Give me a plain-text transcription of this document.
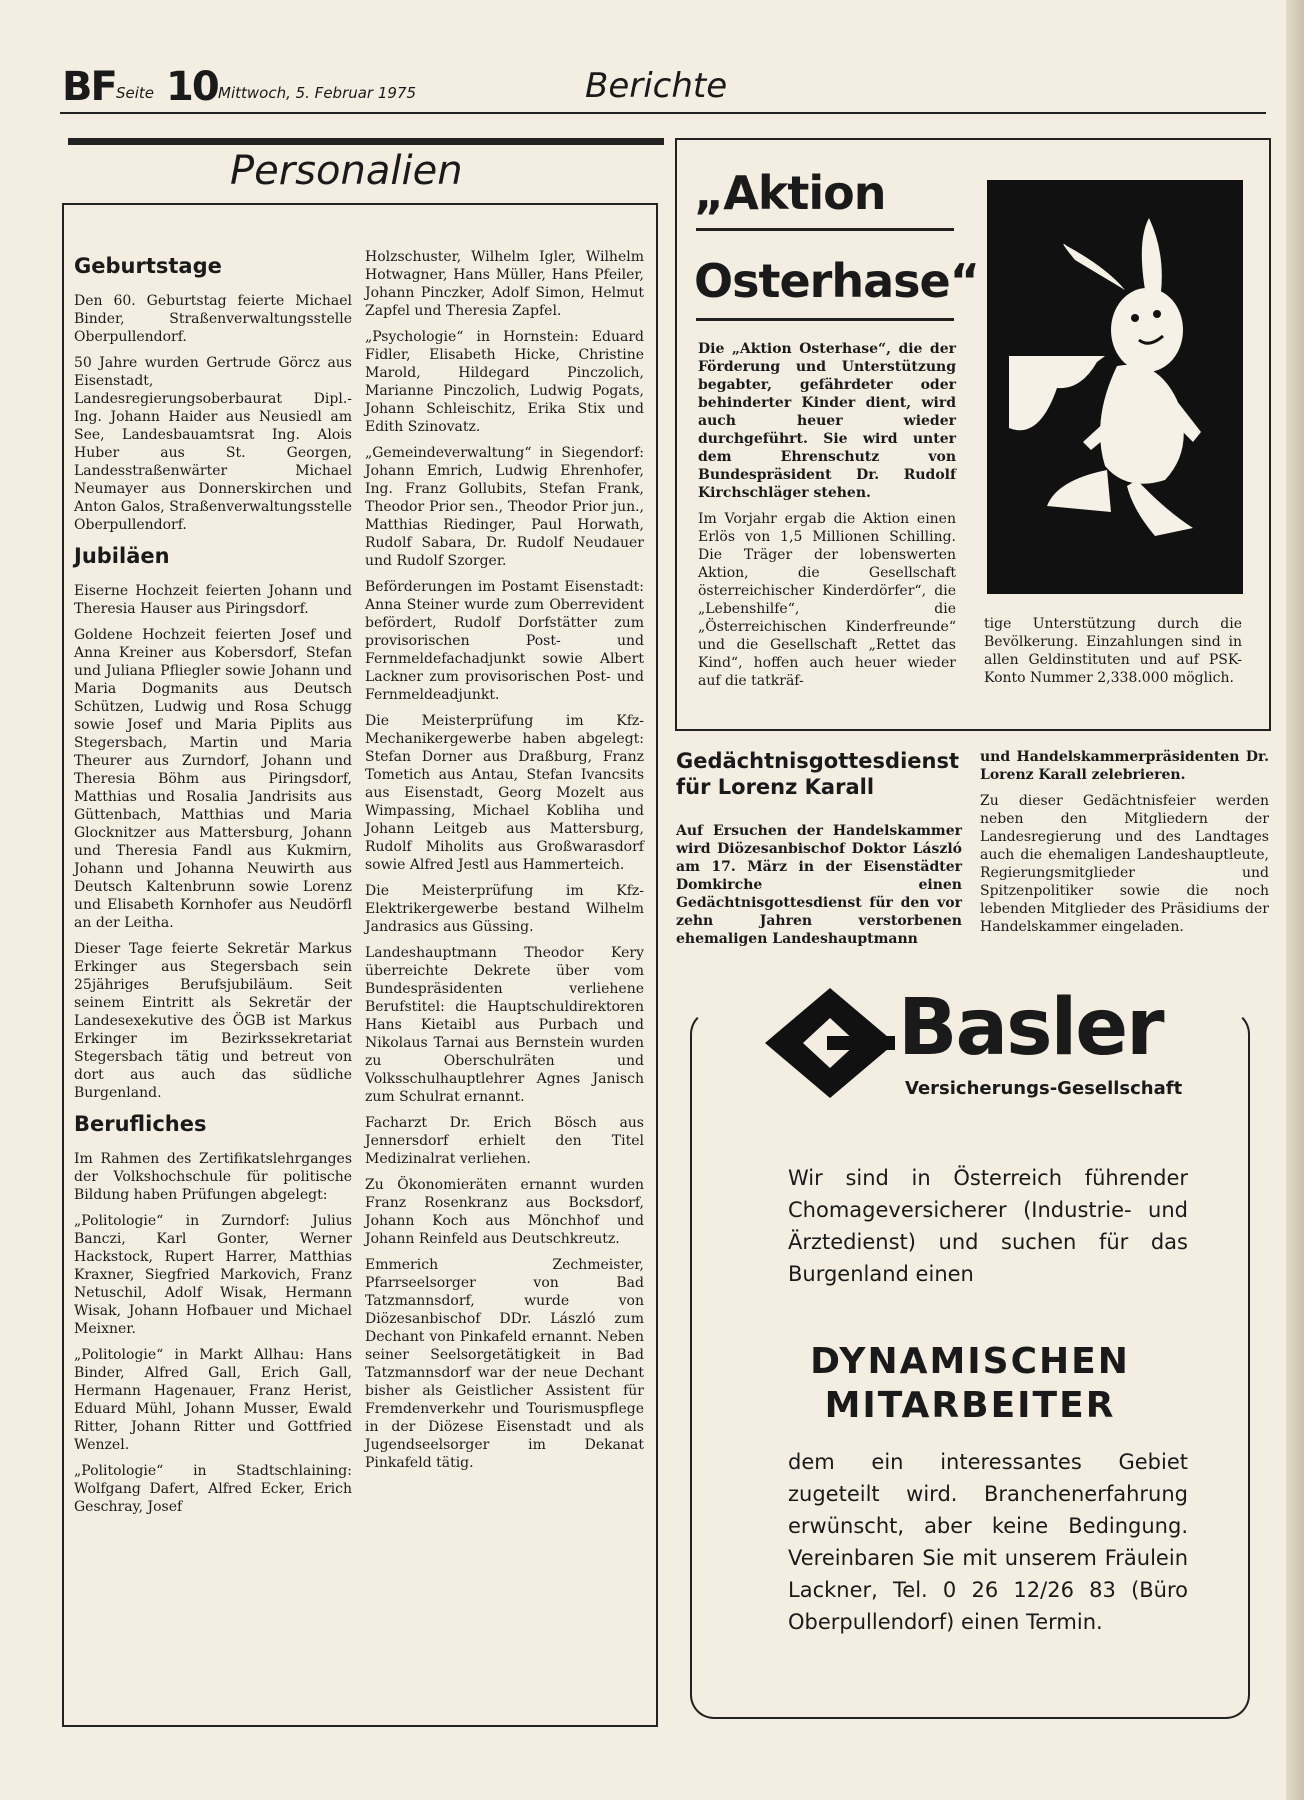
BF Seite 10 Mittwoch, 5. Februar 1975	Berichte
Personalien
Geburtstage

Den 60. Geburtstag feierte Michael Binder, Straßenverwaltungsstelle Oberpullendorf.

50 Jahre wurden Gertrude Görcz aus Eisenstadt, Landesregierungsoberbaurat Dipl.-Ing. Johann Haider aus Neusiedl am See, Landesbauamtsrat Ing. Alois Huber aus St. Georgen, Landesstraßenwärter Michael Neumayer aus Donnerskirchen und Anton Galos, Straßenverwaltungsstelle Oberpullendorf.

Jubiläen

Eiserne Hochzeit feierten Johann und Theresia Hauser aus Piringsdorf.

Goldene Hochzeit feierten Josef und Anna Kreiner aus Kobersdorf, Stefan und Juliana Pfliegler sowie Johann und Maria Dogmanits aus Deutsch Schützen, Ludwig und Rosa Schugg sowie Josef und Maria Piplits aus Stegersbach, Martin und Maria Theurer aus Zurndorf, Johann und Theresia Böhm aus Piringsdorf, Matthias und Rosalia Jandrisits aus Güttenbach, Matthias und Maria Glocknitzer aus Mattersburg, Johann und Theresia Fandl aus Kukmirn, Johann und Johanna Neuwirth aus Deutsch Kaltenbrunn sowie Lorenz und Elisabeth Kornhofer aus Neudörfl an der Leitha.

Dieser Tage feierte Sekretär Markus Erkinger aus Stegersbach sein 25jähriges Berufsjubiläum. Seit seinem Eintritt als Sekretär der Landesexekutive des ÖGB ist Markus Erkinger im Bezirkssekretariat Stegersbach tätig und betreut von dort aus auch das südliche Burgenland.

Berufliches

Im Rahmen des Zertifikatslehrganges der Volkshochschule für politische Bildung haben Prüfungen abgelegt:

„Politologie“ in Zurndorf: Julius Banczi, Karl Gonter, Werner Hackstock, Rupert Harrer, Matthias Kraxner, Siegfried Markovich, Franz Netuschil, Adolf Wisak, Hermann Wisak, Johann Hofbauer und Michael Meixner.

„Politologie“ in Markt Allhau: Hans Binder, Alfred Gall, Erich Gall, Hermann Hagenauer, Franz Herist, Eduard Mühl, Johann Musser, Ewald Ritter, Johann Ritter und Gottfried Wenzel.

„Politologie“ in Stadtschlaining: Wolfgang Dafert, Alfred Ecker, Erich Geschray, Josef

Holzschuster, Wilhelm Igler, Wilhelm Hotwagner, Hans Müller, Hans Pfeiler, Johann Pinczker, Adolf Simon, Helmut Zapfel und Theresia Zapfel.

„Psychologie“ in Hornstein: Eduard Fidler, Elisabeth Hicke, Christine Marold, Hildegard Pinczolich, Marianne Pinczolich, Ludwig Pogats, Johann Schleischitz, Erika Stix und Edith Szinovatz.

„Gemeindeverwaltung“ in Siegendorf: Johann Emrich, Ludwig Ehrenhofer, Ing. Franz Gollubits, Stefan Frank, Theodor Prior sen., Theodor Prior jun., Matthias Riedinger, Paul Horwath, Rudolf Sabara, Dr. Rudolf Neudauer und Rudolf Szorger.

Beförderungen im Postamt Eisenstadt: Anna Steiner wurde zum Oberrevident befördert, Rudolf Dorfstätter zum provisorischen Post- und Fernmeldefachadjunkt sowie Albert Lackner zum provisorischen Post- und Fernmeldeadjunkt.

Die Meisterprüfung im Kfz-Mechanikergewerbe haben abgelegt: Stefan Dorner aus Draßburg, Franz Tometich aus Antau, Stefan Ivancsits aus Eisenstadt, Georg Mozelt aus Wimpassing, Michael Kobliha und Johann Leitgeb aus Mattersburg, Rudolf Miholits aus Großwarasdorf sowie Alfred Jestl aus Hammerteich.

Die Meisterprüfung im Kfz-Elektrikergewerbe bestand Wilhelm Jandrasics aus Güssing.

Landeshauptmann Theodor Kery überreichte Dekrete über vom Bundespräsidenten verliehene Berufstitel: die Hauptschuldirektoren Hans Kietaibl aus Purbach und Nikolaus Tarnai aus Bernstein wurden zu Oberschulräten und Volksschulhauptlehrer Agnes Janisch zum Schulrat ernannt.

Facharzt Dr. Erich Bösch aus Jennersdorf erhielt den Titel Medizinalrat verliehen.

Zu Ökonomieräten ernannt wurden Franz Rosenkranz aus Bocksdorf, Johann Koch aus Mönchhof und Johann Reinfeld aus Deutschkreutz.

Emmerich Zechmeister, Pfarrseelsorger von Bad Tatzmannsdorf, wurde von Diözesanbischof DDr. László zum Dechant von Pinkafeld ernannt. Neben seiner Seelsorgetätigkeit in Bad Tatzmannsdorf war der neue Dechant bisher als Geistlicher Assistent für Fremdenverkehr und Tourismuspflege in der Diözese Eisenstadt und als Jugendseelsorger im Dekanat Pinkafeld tätig.

„Aktion
Osterhase“

Die „Aktion Osterhase“, die der Förderung und Unterstützung begabter, gefährdeter oder behinderter Kinder dient, wird auch heuer wieder durchgeführt. Sie wird unter dem Ehrenschutz von Bundespräsident Dr. Rudolf Kirchschläger stehen.

Im Vorjahr ergab die Aktion einen Erlös von 1,5 Millionen Schilling. Die Träger der lobenswerten Aktion, die Gesellschaft österreichischer Kinderdörfer“, die „Lebenshilfe“, die „Österreichischen Kinderfreunde“ und die Gesellschaft „Rettet das Kind“, hoffen auch heuer wieder auf die tatkräf-

tige Unterstützung durch die Bevölkerung. Einzahlungen sind in allen Geldinstituten und auf PSK-Konto Nummer 2,338.000 möglich.

Gedächtnisgottesdienst für Lorenz Karall

Auf Ersuchen der Handelskammer wird Diözesanbischof Doktor László am 17. März in der Eisenstädter Domkirche einen Gedächtnisgottesdienst für den vor zehn Jahren verstorbenen ehemaligen Landeshauptmann

und Handelskammerpräsidenten Dr. Lorenz Karall zelebrieren.

Zu dieser Gedächtnisfeier werden neben den Mitgliedern der Landesregierung und des Landtages auch die ehemaligen Landeshauptleute, Regierungsmitglieder und Spitzenpolitiker sowie die noch lebenden Mitglieder des Präsidiums der Handelskammer eingeladen.

Basler
Versicherungs-Gesellschaft
Wir sind in Österreich führender Chomageversicherer (Industrie- und Ärztedienst) und suchen für das Burgenland einen
DYNAMISCHEN MITARBEITER
dem ein interessantes Gebiet zugeteilt wird. Branchenerfahrung erwünscht, aber keine Bedingung. Vereinbaren Sie mit unserem Fräulein Lackner, Tel. 0 26 12/26 83 (Büro Oberpullendorf) einen Termin.
